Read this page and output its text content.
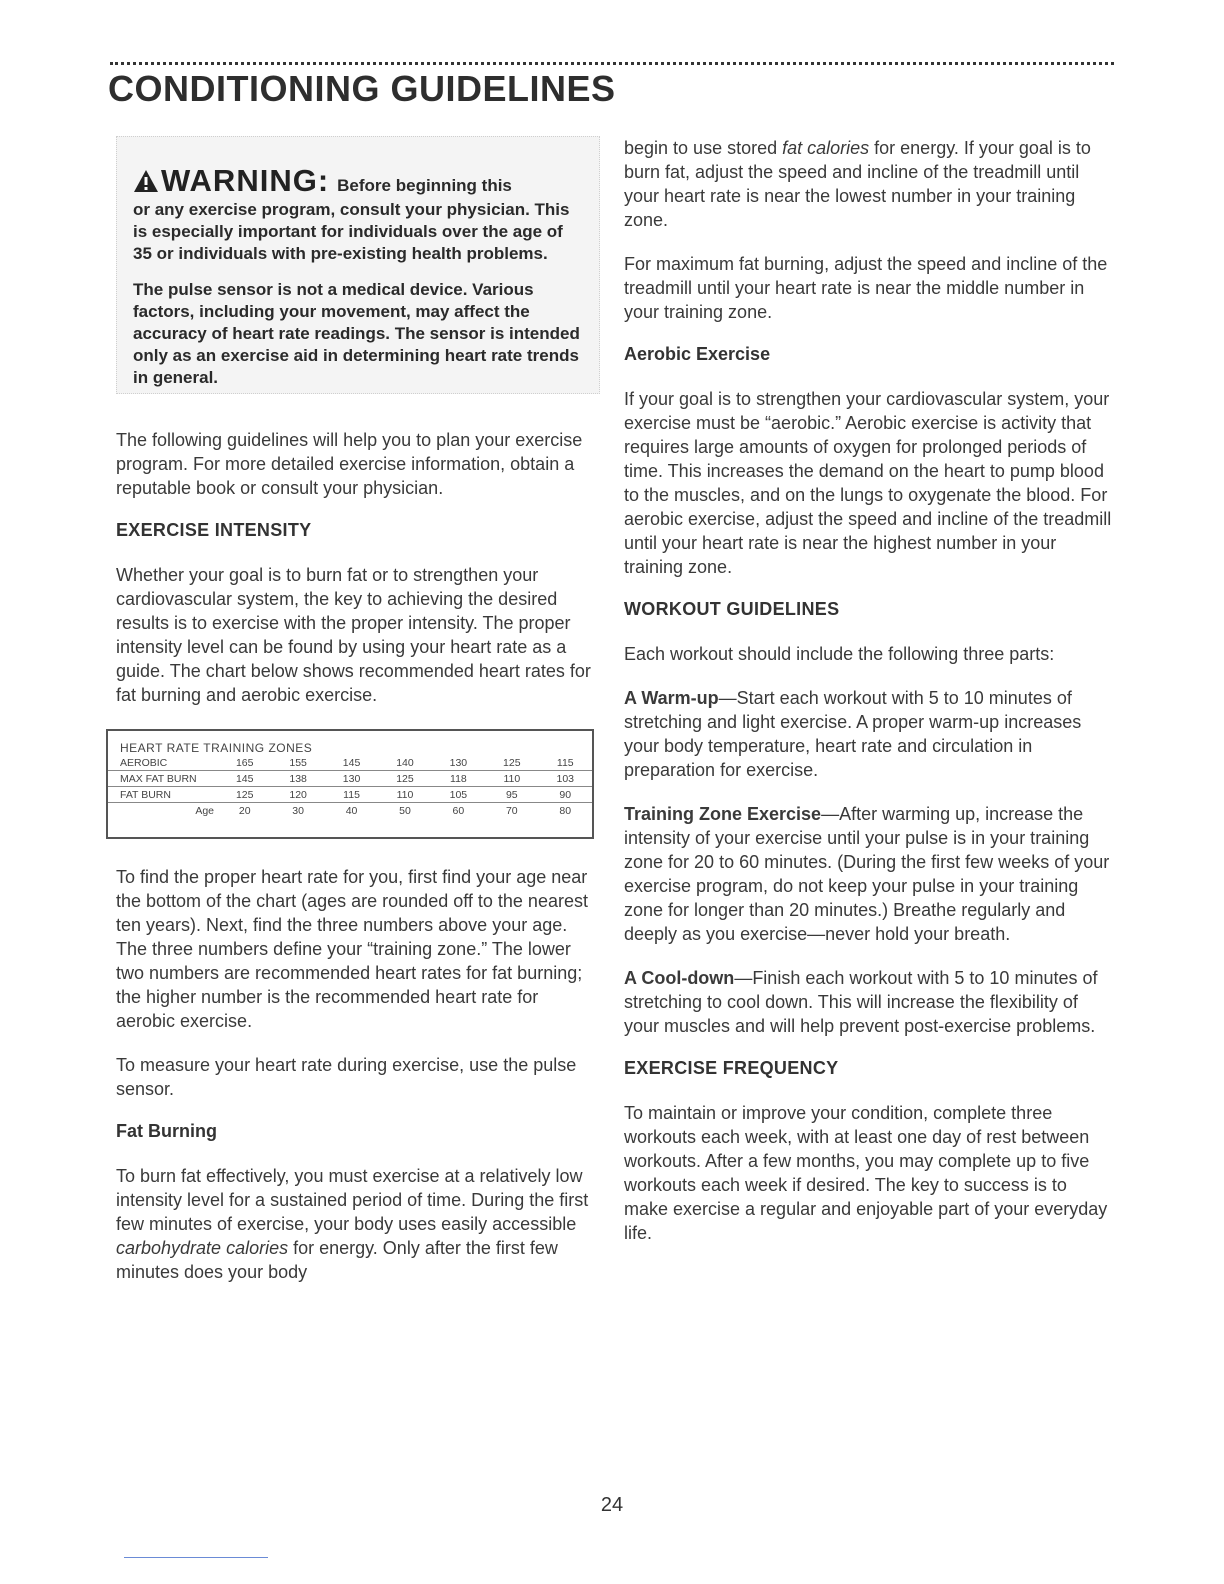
CONDITIONING GUIDELINES
WARNING: Before beginning this

or any exercise program, consult your physician. This is especially important for individuals over the age of 35 or individuals with pre-existing health problems.

The pulse sensor is not a medical device. Various factors, including your movement, may affect the accuracy of heart rate readings. The sensor is intended only as an exercise aid in determining heart rate trends in general.

The following guidelines will help you to plan your exercise program. For more detailed exercise information, obtain a reputable book or consult your physician.

EXERCISE INTENSITY

Whether your goal is to burn fat or to strengthen your cardiovascular system, the key to achieving the desired results is to exercise with the proper intensity. The proper intensity level can be found by using your heart rate as a guide. The chart below shows recommended heart rates for fat burning and aerobic exercise.

HEART RATE TRAINING ZONES
AEROBIC	165	155	145	140	130	125	115
MAX FAT BURN	145	138	130	125	118	110	103
FAT BURN	125	120	115	110	105	95	90
Age	20	30	40	50	60	70	80

To find the proper heart rate for you, first find your age near the bottom of the chart (ages are rounded off to the nearest ten years). Next, find the three numbers above your age. The three numbers define your “training zone.” The lower two numbers are recommended heart rates for fat burning; the higher number is the recommended heart rate for aerobic exercise.

To measure your heart rate during exercise, use the pulse sensor.

Fat Burning

To burn fat effectively, you must exercise at a relatively low intensity level for a sustained period of time. During the first few minutes of exercise, your body uses easily accessible carbohydrate calories for energy. Only after the first few minutes does your body

begin to use stored fat calories for energy. If your goal is to burn fat, adjust the speed and incline of the treadmill until your heart rate is near the lowest number in your training zone.

For maximum fat burning, adjust the speed and incline of the treadmill until your heart rate is near the middle number in your training zone.

Aerobic Exercise

If your goal is to strengthen your cardiovascular system, your exercise must be “aerobic.” Aerobic exercise is activity that requires large amounts of oxygen for prolonged periods of time. This increases the demand on the heart to pump blood to the muscles, and on the lungs to oxygenate the blood. For aerobic exercise, adjust the speed and incline of the treadmill until your heart rate is near the highest number in your training zone.

WORKOUT GUIDELINES

Each workout should include the following three parts:

A Warm-up—Start each workout with 5 to 10 minutes of stretching and light exercise. A proper warm-up increases your body temperature, heart rate and circulation in preparation for exercise.

Training Zone Exercise—After warming up, increase the intensity of your exercise until your pulse is in your training zone for 20 to 60 minutes. (During the first few weeks of your exercise program, do not keep your pulse in your training zone for longer than 20 minutes.) Breathe regularly and deeply as you exercise—never hold your breath.

A Cool-down—Finish each workout with 5 to 10 minutes of stretching to cool down. This will increase the flexibility of your muscles and will help prevent post-exercise problems.

EXERCISE FREQUENCY

To maintain or improve your condition, complete three workouts each week, with at least one day of rest between workouts. After a few months, you may complete up to five workouts each week if desired. The key to success is to make exercise a regular and enjoyable part of your everyday life.

24
